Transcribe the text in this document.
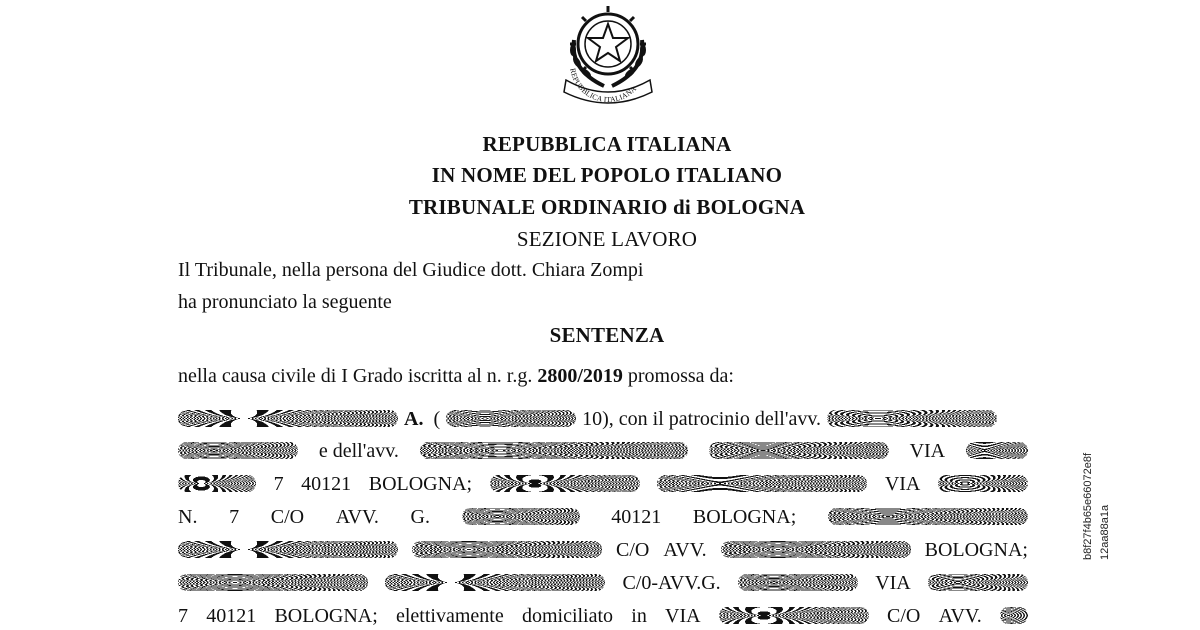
REPUBBLICA ITALIANA
REPUBBLICA ITALIANA
IN NOME DEL POPOLO ITALIANO
TRIBUNALE ORDINARIO di BOLOGNA
SEZIONE LAVORO
Il Tribunale, nella persona del Giudice dott. Chiara Zompi
ha pronunciato la seguente
SENTENZA
nella causa civile di I Grado iscritta al n. r.g. 2800/2019 promossa da:
A. (	10), con il patrocinio dell'avv.
e dell'avv.	VIA
7 40121 BOLOGNA;	VIA
N. 7 C/O AVV. G.	40121 BOLOGNA;
C/O AVV.	BOLOGNA;
C/0-AVV.G.	VIA
7 40121 BOLOGNA; elettivamente domiciliato in VIA	C/O AVV.
b8f27f4b65e66072e8f 12aa88a1a
